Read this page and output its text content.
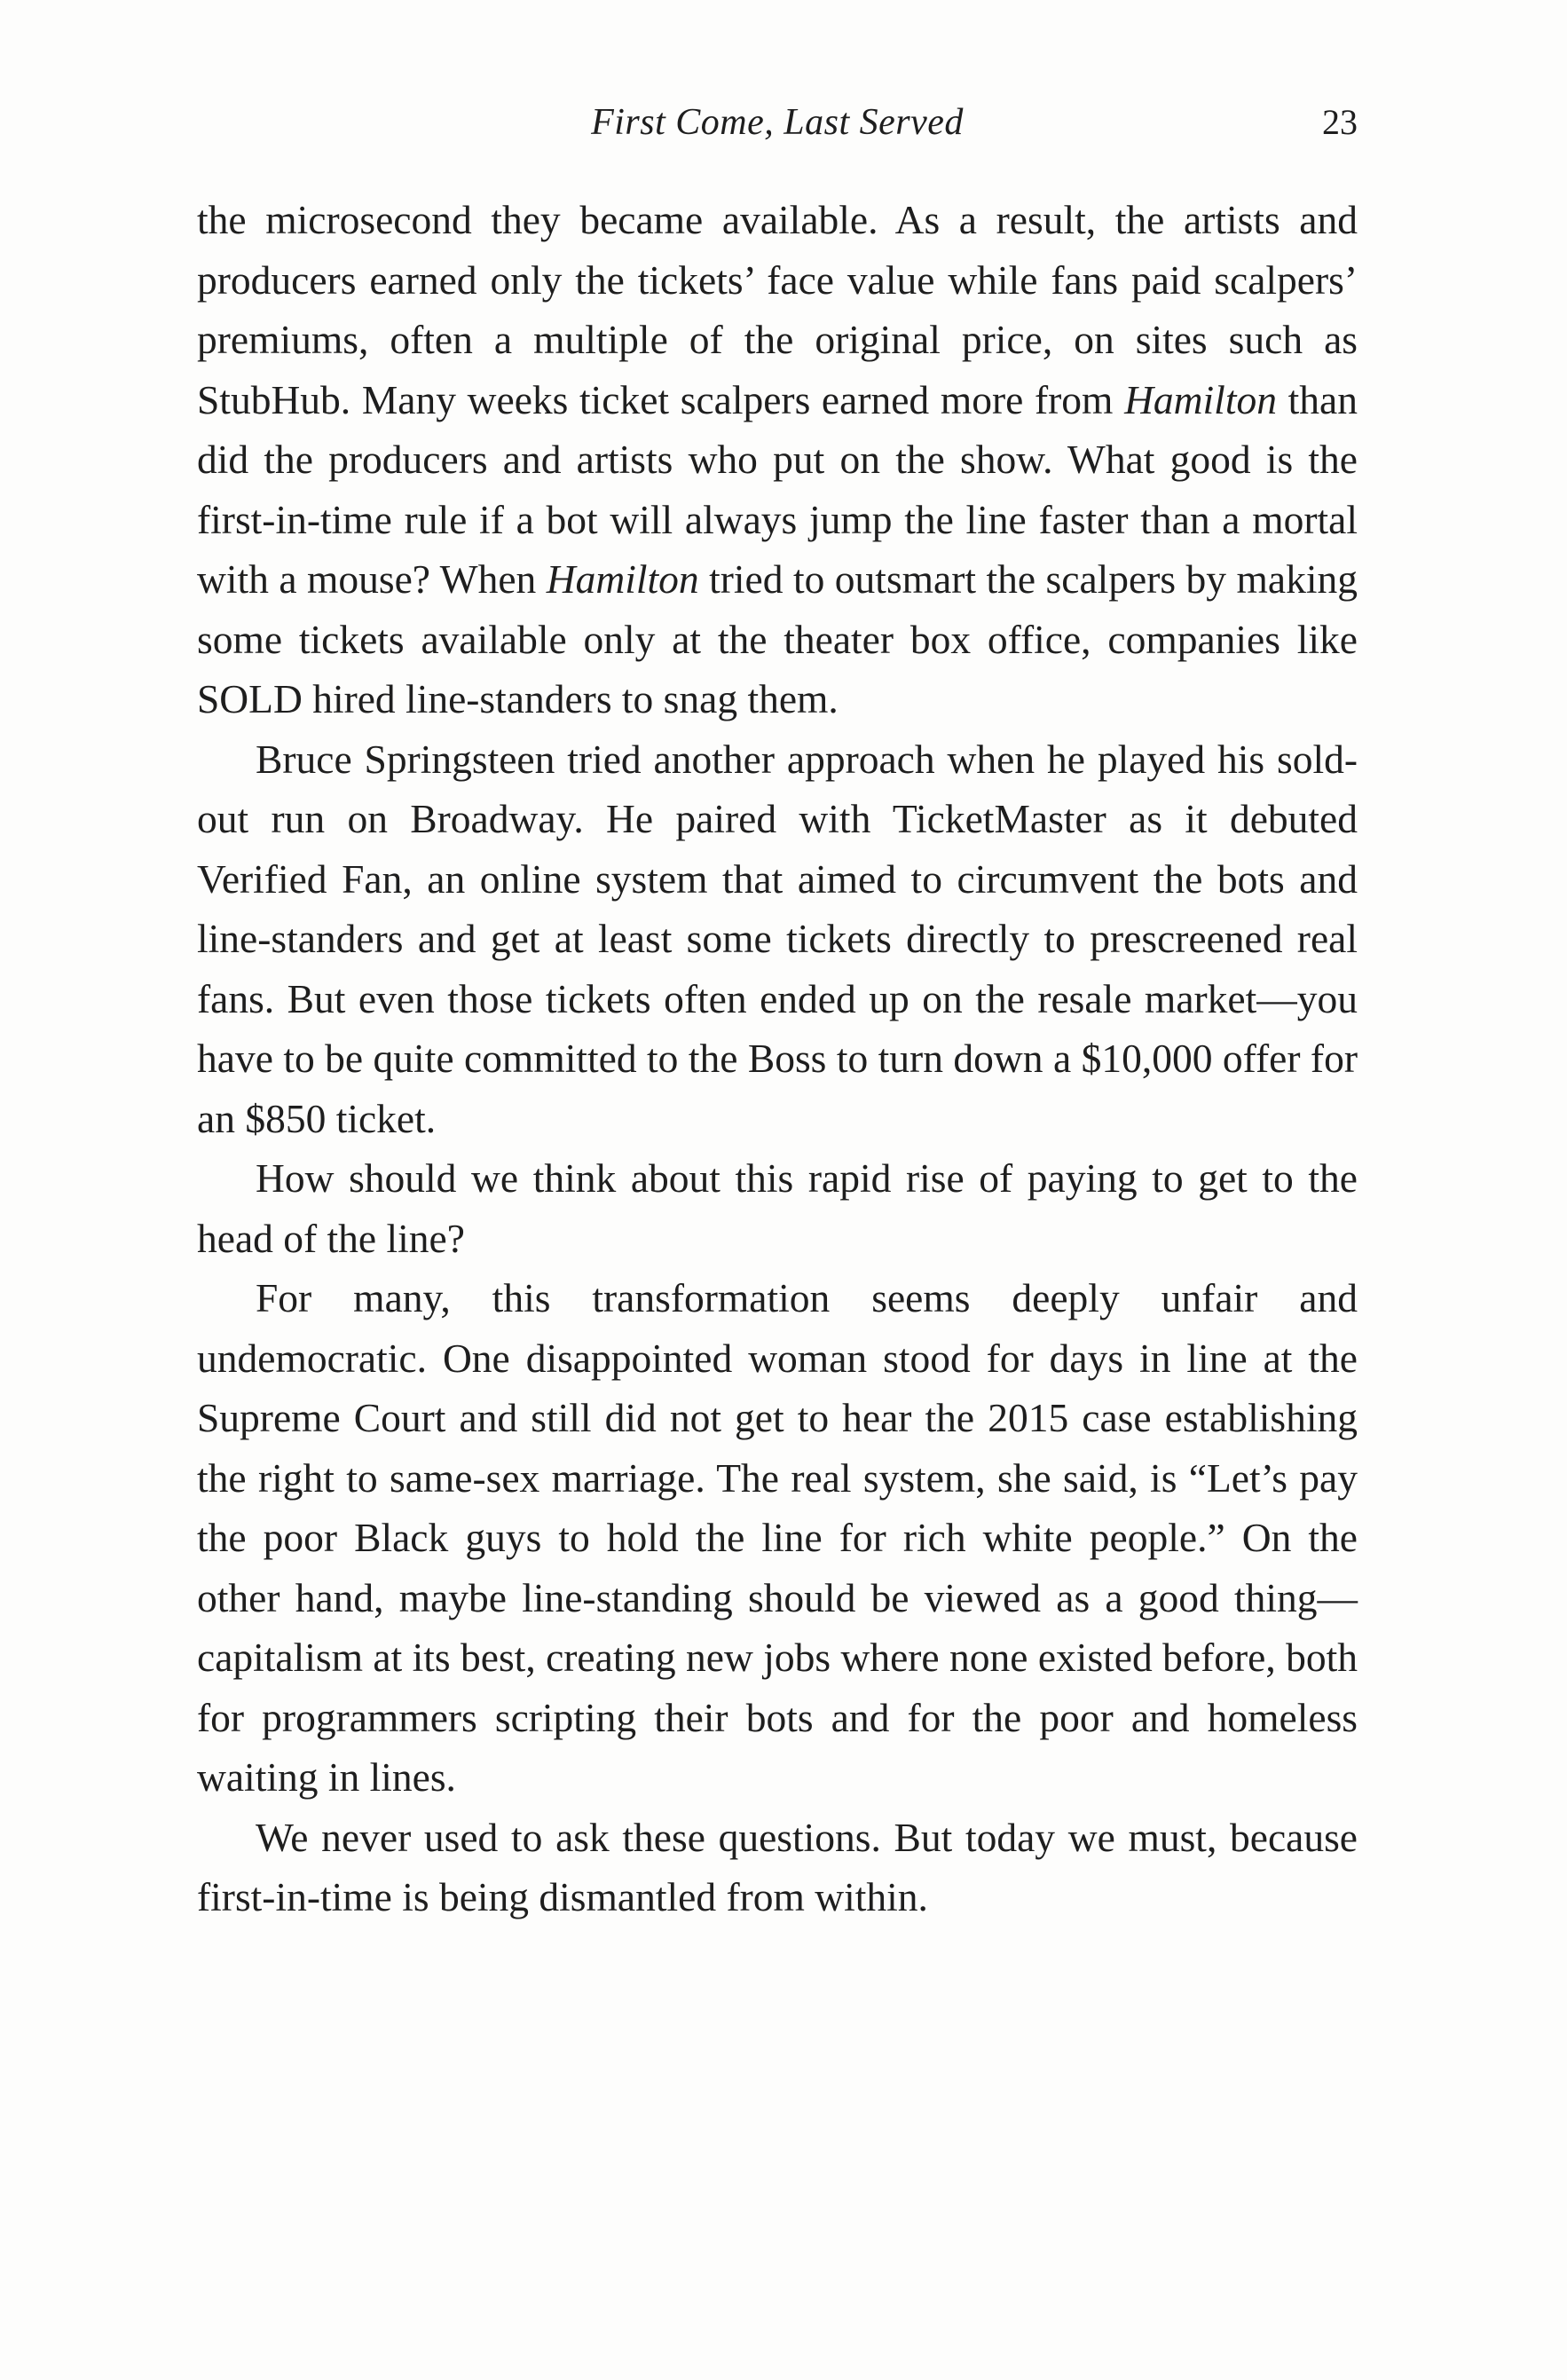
First Come, Last Served	23

the microsecond they became available. As a result, the artists and producers earned only the tickets’ face value while fans paid scalpers’ premiums, often a multiple of the original price, on sites such as StubHub. Many weeks ticket scalpers earned more from Hamilton than did the producers and artists who put on the show. What good is the first-in-time rule if a bot will always jump the line faster than a mortal with a mouse? When Hamilton tried to outsmart the scalpers by making some tickets available only at the theater box office, companies like SOLD hired line-standers to snag them.

Bruce Springsteen tried another approach when he played his sold-out run on Broadway. He paired with TicketMaster as it debuted Verified Fan, an online system that aimed to circumvent the bots and line-standers and get at least some tickets directly to prescreened real fans. But even those tickets often ended up on the resale market—you have to be quite committed to the Boss to turn down a $10,000 offer for an $850 ticket.

How should we think about this rapid rise of paying to get to the head of the line?

For many, this transformation seems deeply unfair and undemocratic. One disappointed woman stood for days in line at the Supreme Court and still did not get to hear the 2015 case establishing the right to same-sex marriage. The real system, she said, is “Let’s pay the poor Black guys to hold the line for rich white people.” On the other hand, maybe line-standing should be viewed as a good thing—capitalism at its best, creating new jobs where none existed before, both for programmers scripting their bots and for the poor and homeless waiting in lines.

We never used to ask these questions. But today we must, because first-in-time is being dismantled from within.
